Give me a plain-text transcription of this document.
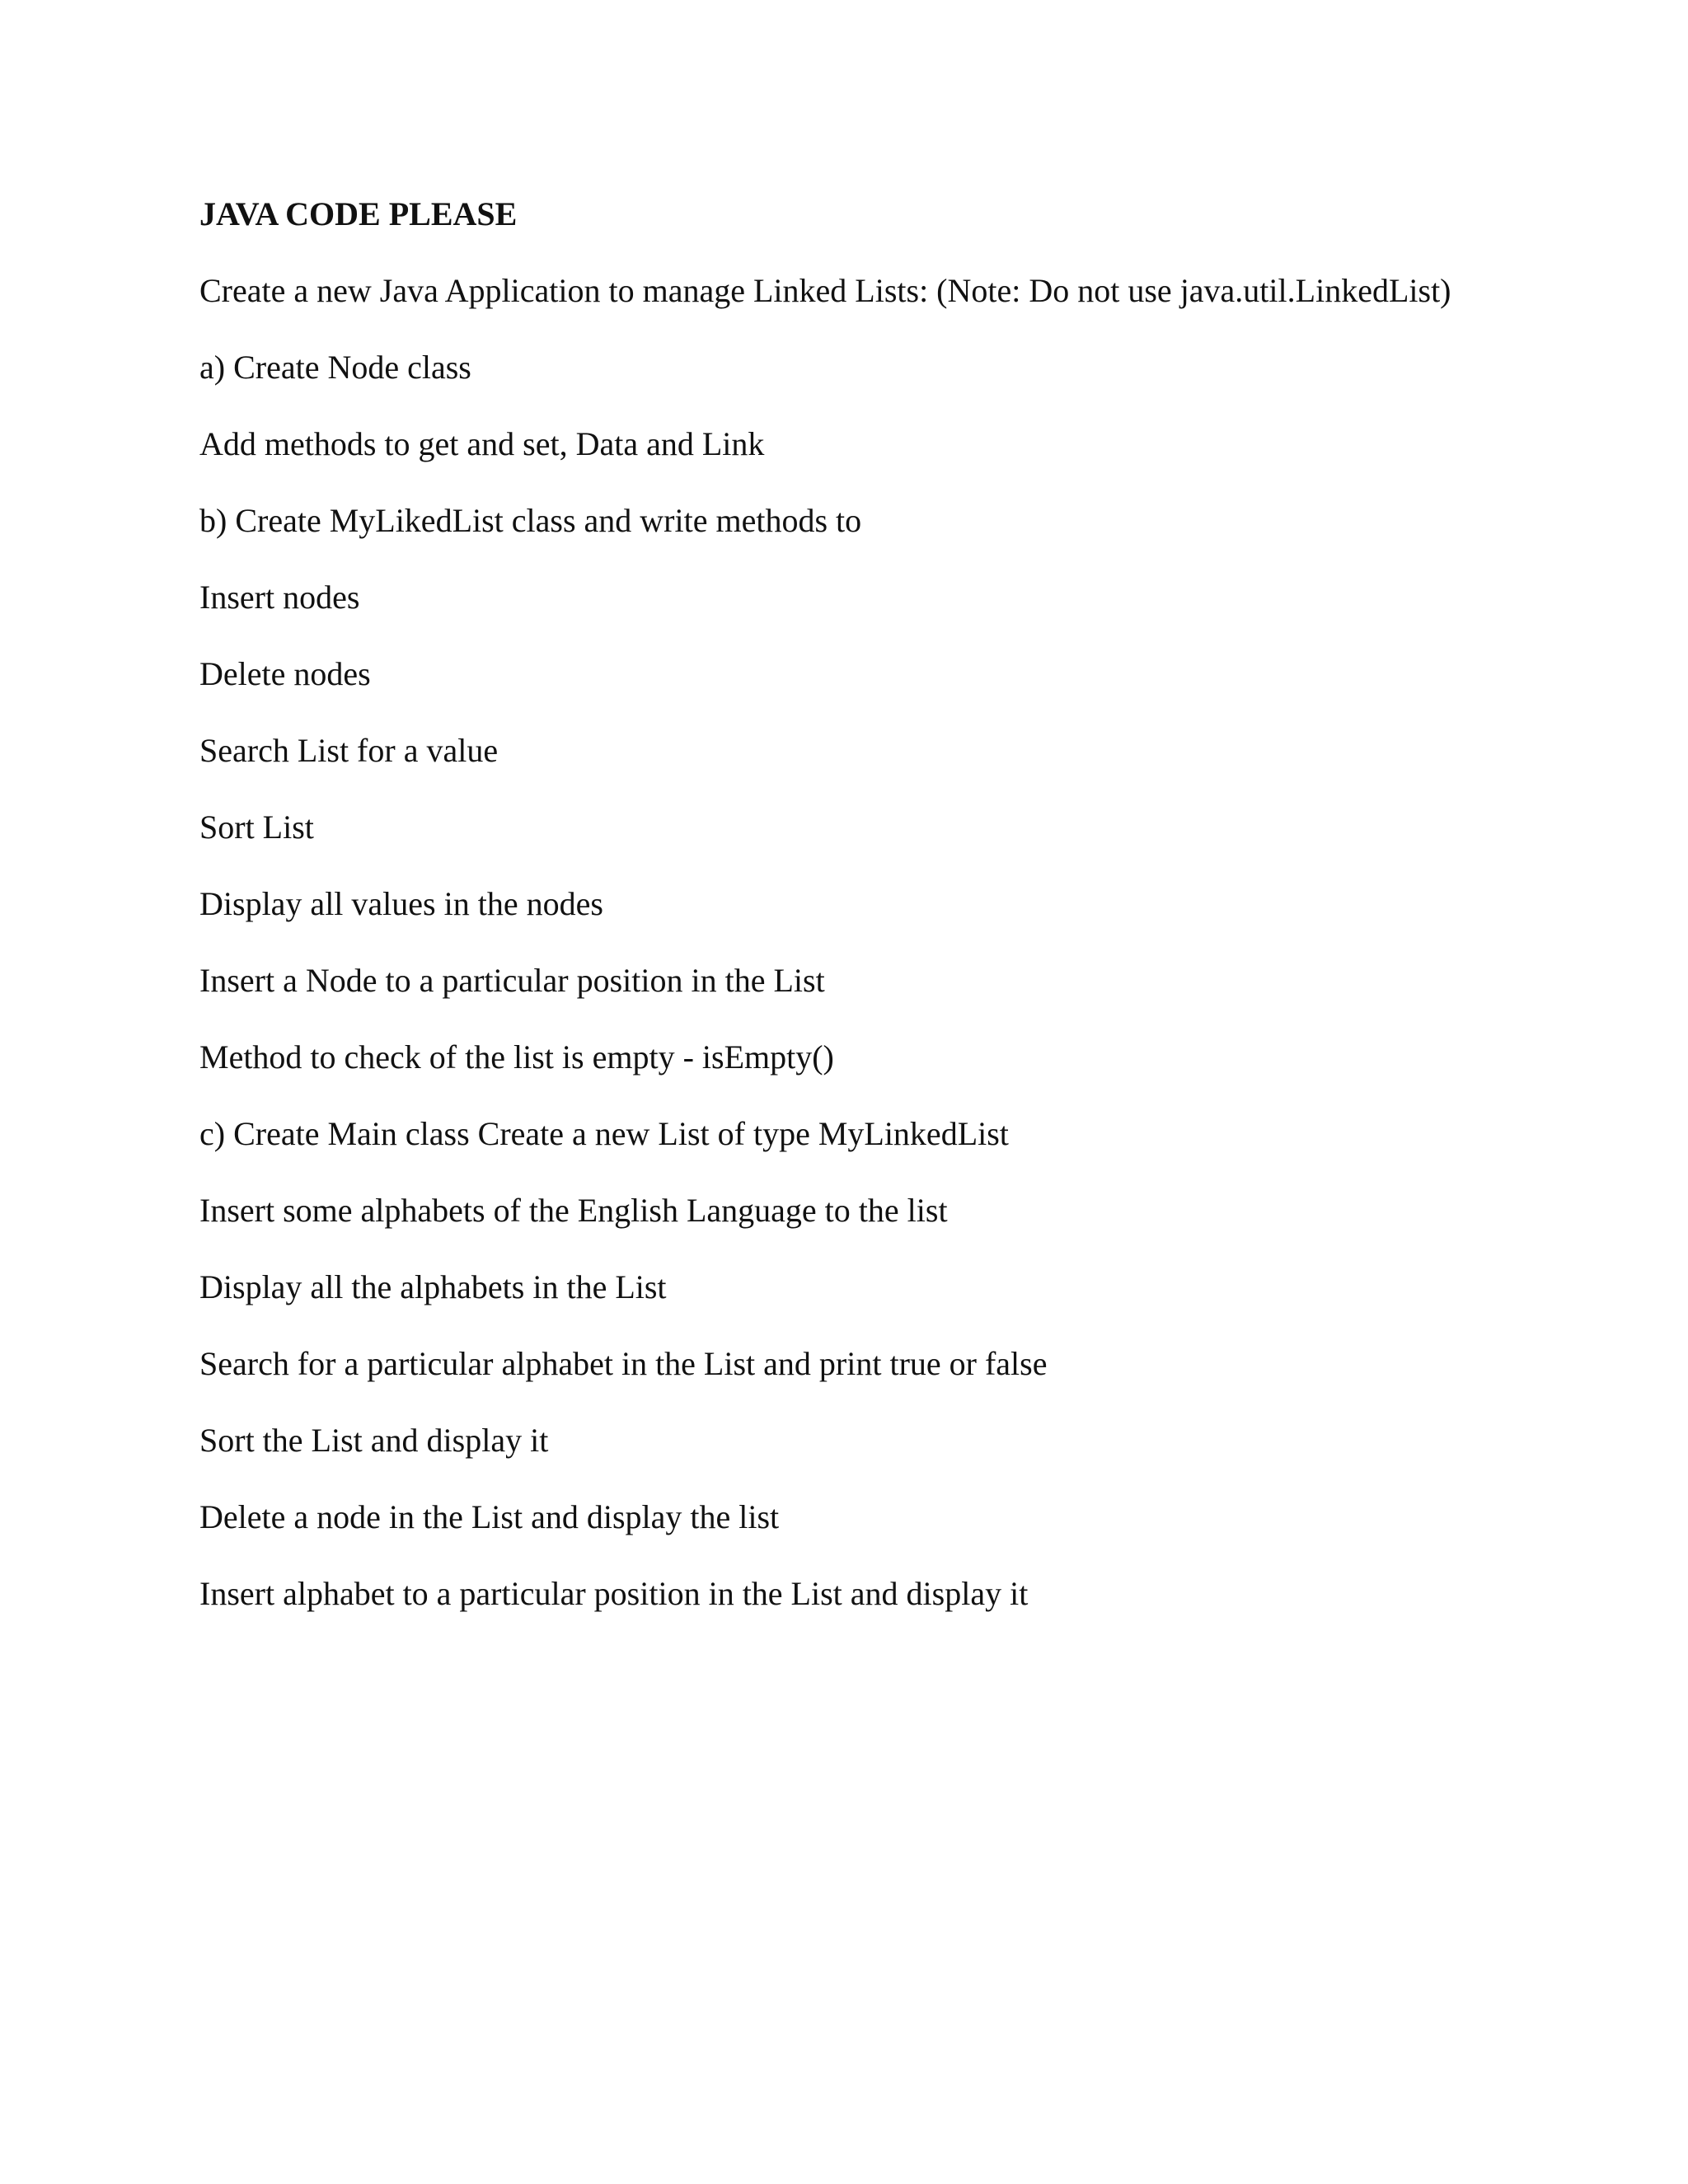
JAVA CODE PLEASE

Create a new Java Application to manage Linked Lists: (Note: Do not use java.util.LinkedList)

a) Create Node class

Add methods to get and set, Data and Link

b) Create MyLikedList class and write methods to

Insert nodes

Delete nodes

Search List for a value

Sort List

Display all values in the nodes

Insert a Node to a particular position in the List

Method to check of the list is empty - isEmpty()

c) Create Main class Create a new List of type MyLinkedList

Insert some alphabets of the English Language to the list

Display all the alphabets in the List

Search for a particular alphabet in the List and print true or false

Sort the List and display it

Delete a node in the List and display the list

Insert alphabet to a particular position in the List and display it
